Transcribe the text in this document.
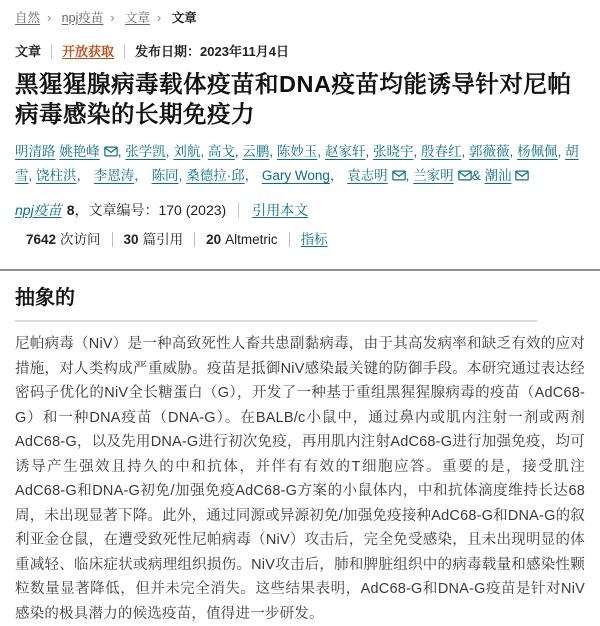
自然 › npj疫苗 › 文章 › 文章
文章 开放获取 发布日期：2023年11月4日
黑猩猩腺病毒载体疫苗和DNA疫苗均能诱导针对尼帕病毒感染的长期免疫力
明清路 姚艳峰 , 张学凯, 刘航, 高戈, 云鹏, 陈妙玉, 赵家轩, 张晓宇, 殷春红, 郭薇薇, 杨佩佩, 胡雪, 饶柱洪， 李恩涛， 陈同, 桑德拉·邱， Gary Wong， 袁志明 , 兰家明 & 潮汕
npj疫苗 8，文章编号：170 (2023) 引用本文
7642 次访问 30 篇引用 20 Altmetric 指标
抽象的

尼帕病毒（NiV）是一种高致死性人畜共患副黏病毒，由于其高发病率和缺乏有效的应对措施，对人类构成严重威胁。疫苗是抵御NiV感染最关键的防御手段。本研究通过表达经密码子优化的NiV全长糖蛋白（G），开发了一种基于重组黑猩猩腺病毒的疫苗（AdC68-G）和一种DNA疫苗（DNA-G）。在BALB/c小鼠中，通过鼻内或肌内注射一剂或两剂AdC68-G，以及先用DNA-G进行初次免疫，再用肌内注射AdC68-G进行加强免疫，均可诱导产生强效且持久的中和抗体，并伴有有效的T细胞应答。重要的是，接受肌注AdC68-G和DNA-G初免/加强免疫AdC68-G方案的小鼠体内，中和抗体滴度维持长达68周，未出现显著下降。此外，通过同源或异源初免/加强免疫接种AdC68-G和DNA-G的叙利亚金仓鼠，在遭受致死性尼帕病毒（NiV）攻击后，完全免受感染，且未出现明显的体重减轻、临床症状或病理组织损伤。NiV攻击后，肺和脾脏组织中的病毒载量和感染性颗粒数量显著降低，但并未完全消失。这些结果表明，AdC68-G和DNA-G疫苗是针对NiV感染的极具潜力的候选疫苗，值得进一步研发。
